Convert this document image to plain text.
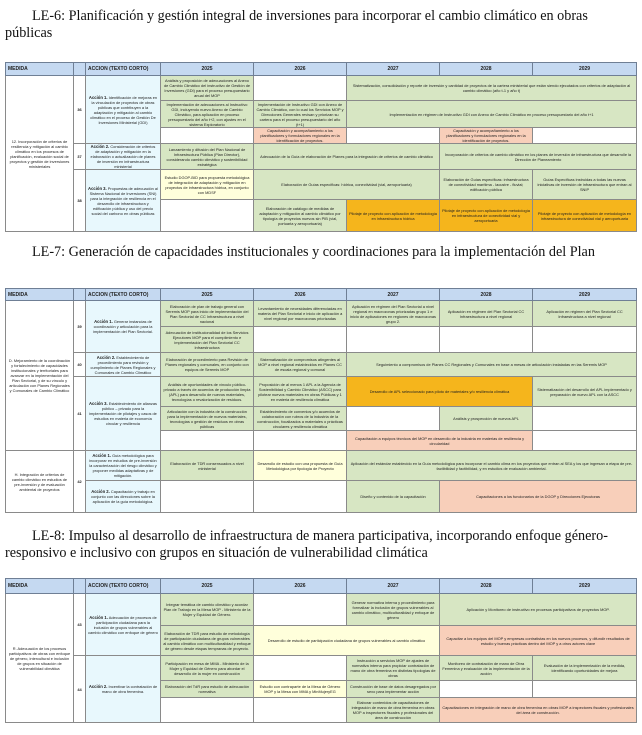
LE-6: Planificación y gestión integral de inversiones para incorporar el cambio climático en obras públicas
MEDIDA		ACCION (TEXTO CORTO)	2025	2026	2027	2028	2029
12. Incorporación de criterios de resiliencia y mitigación al cambio climático en los procesos de planificación, evaluación social de proyectos y gestión de inversiones ministeriales	36	Acción 1. Identificación de mejoras en la vinculación de proyectos de obras públicas que contribuyen a la adaptación y mitigación al cambio climático en el proceso de Gestión De Inversiones Ministerial (GDI)	Análisis y proposición de adecuaciones al Anexo de Cambio Climático del instructivo de Gestión de Inversiones (GDI) para el proceso presupuestario anual del MOP		Sistematización, consolidación y reporte de inversión y cantidad de proyectos de la cartera ministerial que están siendo ejecutados con criterios de adaptación al cambio climático (año t-1 y año t)		
			Implementación de adecuaciones al Instructivo GDI, incluyendo nuevo Anexo de Cambio Climático, para aplicación en proceso presupuestario del año t+2, con ajustes en el sistema Exploratorio	Implementación de Instructivo GDI con Anexo de Cambio Climático, con lo cual los Servicios MOP y Direcciones Generales revisan y priorizan su cartera para el proceso presupuestario del año (t+1)	Implementación en régimen de Instructivo GDI con Anexo de Cambio Climático en proceso presupuestario del año t+1		
				Capacitación y acompañamiento a los planificadores y formuladores regionales en la identificación de proyectos.		Capacitación y acompañamiento a los planificadores y formuladores regionales en la identificación de proyectos.	
	37	Acción 2. Consideración de criterios de adaptación y mitigación en la elaboración o actualización de planes de inversión en infraestructura ministerial	Lanzamiento y difusión del Plan Nacional de Infraestructura Pública (Plan Director), considerando cambio climático y sostenibilidad estratégica	Adecuación de la Guía de elaboración de Planes para la integración de criterios de cambio climático		Incorporación de criterios de cambio climático en los planes de inversión de infraestructura que desarrolle la Dirección de Planeamiento	
	38	Acción 3. Propuestas de adecuación al Sistema Nacional de Inversiones (SNI) para la integración de resiliencia en el desarrollo de infraestructura y edificación pública y uso del precio social del carbono en obras públicas	Estudio DGOP-BID para propuesta metodológica de integración de adaptación y mitigación en proyectos de infraestructura hídrica, en conjunto con MDSF	Elaboración de Guías específicas: hídrica, conectividad (vial, aeroportuaria)		Elaboración de Guías específicas: infraestructura de conectividad marítima - lacustre - fluvial; edificación pública	Guías Específicas instruidas a todas las nuevas iniciativas de inversión de infraestructura que entran al SNIP
				Elaboración de catálogo de medidas de adaptación y mitigación al cambio climático por tipología de proyectos nuevos sin PIB (vial, portuaria y aeroportuaria)	Pilotaje de proyecto con aplicación de metodología en infraestructura hídrica	Pilotaje de proyecto con aplicación de metodología en infraestructura de conectividad vial y aeroportuaria	Pilotaje de proyecto con aplicación de metodología en infraestructura de conectividad vial y aeroportuaria
LE-7: Generación de capacidades institucionales y coordinaciones para la implementación del Plan
MEDIDA		ACCION (TEXTO CORTO)	2025	2026	2027	2028	2029
D. Mejoramiento de la coordinación y fortalecimiento de capacidades institucionales y territoriales para avanzar en la implementación del Plan Sectorial, y de su vínculo y articulación con Planes Regionales y Comunales de Cambio Climático	39	Acción 1. Generar instancias de coordinación y articulación para la implementación del Plan Sectorial.	Elaboración de plan de trabajo general con Seremis MOP para inicio de implementación del Plan Sectorial de CC Infraestructura a nivel nacional	Levantamiento de necesidades diferenciadas en materia del Plan Sectorial e inicio de aplicación a nivel regional por macrozonas priorizadas	Aplicación en régimen del Plan Sectorial a nivel regional en macrozonas priorizadas grupo 1 e inicio de aplicaciones en regiones de macrozonas grupo 2.	Aplicación en régimen del Plan Sectorial CC Infraestructura a nivel regional	Aplicación en régimen del Plan Sectorial CC Infraestructura a nivel regional
			Adecuación de institucionalidad de los Servicios Ejecutores MOP para el cumplimiento e implementación del Plan Sectorial CC Infraestructura				
	40	Acción 2. Establecimiento de procedimiento para revisión y cumplimiento de Planes Regionales y Comunales de Cambio Climático	Elaboración de procedimiento para Revisión de Planes regionales y comunales, en conjunto con equipos de Seremis MOP	Sistematización de compromisos atingentes al MOP a nivel regional establecidos en Planes CC de escala regional y comunal	Seguimiento a compromisos de Planes CC Regionales y Comunales en base a mesas de articulación instaladas en las Seremis MOP		
	41	Acción 3. Establecimiento de alianzas público – privado para la implementación de pilotajes y casos de estudios en materia de economía circular y resiliencia	Análisis de oportunidades de vínculo público-privado a través de acuerdos de producción limpia (APL) para desarrollo de nuevos materiales, tecnologías o revalorización de residuos.	Proposición de al menos 1 APL a la Agencia de Sostenibilidad y Cambio Climático (ASCC) para pilotear nuevos materiales en obras Públicas y 1 en materia de resiliencia climática	Desarrollo de APL seleccionado para piloto de materiales y/o resiliencia climática		Sistematización del desarrollo del APL implementado y preparación de nuevo APL con la ASCC
			Articulación con la industria de la construcción para la implementación de nuevos materiales, tecnologías o gestión de residuos en obras públicas	Establecimiento de convenios y/o acuerdos de colaboración con rubros de la industria de la construcción, focalizados a materiales o prácticas circulares y resiliencia climática		Análisis y prospección de nuevos APL	
					Capacitación a equipos técnicos del MOP en desarrollo de la industria en materias de resiliencia y circularidad		
H. Integración de criterios de cambio climático en estudios de pre-inversión y de evaluación ambiental de proyectos	42	Acción 1. Guía metodológica para incorporar en estudios de pre-inversión la caracterización del riesgo climático y proponer medidas adaptativas y de mitigación.	Elaboración de TDR consensuados a nivel ministerial	Desarrollo de estudio con una propuesta de Guía Metodológica por tipología de Proyecto	Aplicación del estándar establecido en la Guía metodológica para incorporar el cambio clima en los proyectos que entran al SEA y los que ingresan a etapa de pre-factibilidad y factibilidad, y en estudios de evaluación ambiental.		
		Acción 2. Capacitación y trabajo en conjunto con las direcciones sobre la aplicación de la guía metodológica.			Diseño y contenido de la capacitación	Capacitaciones a los funcionarios de la DGOP y Direcciones Ejecutoras	
LE-8: Impulso al desarrollo de infraestructura de manera participativa, incorporando enfoque género-responsivo e inclusivo con grupos en situación de vulnerabilidad climática
MEDIDA		ACCION (TEXTO CORTO)	2025	2026	2027	2028	2029
R. Adecuación de los procesos participativos de obras con enfoque de género, intercultural e inclusión de grupos en situación de vulnerabilidad climática	43	Acción 1. Adecuación de procesos de participación ciudadana para la inclusión de grupos vulnerables al cambio climático con enfoque de género	Integrar temática de cambio climático y acordar Plan de Trabajo en la Mesa MOP - Ministerio de la Mujer y Equidad de Género.		Generar normativa interna y procedimiento para formalizar la inclusión de grupos vulnerables al cambio climático, multiculturalidad y enfoque de género	Aplicación y Monitoreo de instructivo en procesos participativos de proyectos MOP.	
			Elaboración de TDR para estudio de metodología de participación ciudadana de grupos vulnerables al cambio climático con multiculturalidad y enfoque de género desde etapas tempranas de proyecto.	Desarrollo de estudio de participación ciudadana de grupos vulnerables al cambio climático		Capacitar a los equipos del MOP y empresas contratistas en los nuevos procesos, y difundir resultados de estudio y buenas prácticas dentro del MOP y a otros actores clave	
	44	Acción 2. Incentivar la contratación de mano de obra femenina.	Participación en mesa de MMA - Ministerio de la Mujer y Equidad de Género para abordar el desarrollo de la mujer en construcción		Instrucción a servicios MOP de ajustes de normativa interna para propiciar contratación de mano de obra femenina en distintas tipologías de obras	Monitoreo de contratación de mano de Obra Femenina y evaluación de la implementación de la acción	Evaluación de la implementación de la medida, identificando oportunidades de mejora
			Elaboración del TdR para estudio de adecuación normativa	Estudio con contraparte de la Mesa de Género MOP y la Mesa con MMA y MinMujeryEG	Construcción de base de datos desagregados por sexo para implementar acción		
					Elaborar contenidos de capacitaciones de integración de mano de obra femenina en obras MOP a inspectores fiscales y profesionales del área de construcción	Capacitaciones en integración de mano de obra femenina en obras MOP a inspectores fiscales y profesionales del área de construcción.	
